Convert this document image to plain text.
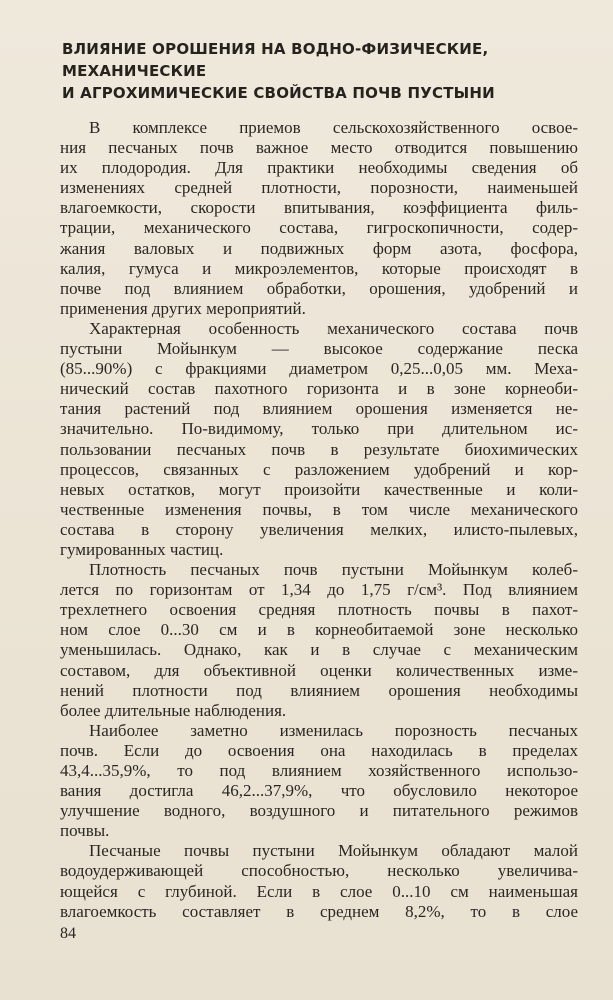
ВЛИЯНИЕ ОРОШЕНИЯ НА ВОДНО-ФИЗИЧЕСКИЕ,
МЕХАНИЧЕСКИЕ
И АГРОХИМИЧЕСКИЕ СВОЙСТВА ПОЧВ ПУСТЫНИ

В комплексе приемов сельскохозяйственного освое-
ния песчаных почв важное место отводится повышению
их плодородия. Для практики необходимы сведения об
изменениях средней плотности, порозности, наименьшей
влагоемкости, скорости впитывания, коэффициента филь-
трации, механического состава, гигроскопичности, содер-
жания валовых и подвижных форм азота, фосфора,
калия, гумуса и микроэлементов, которые происходят в
почве под влиянием обработки, орошения, удобрений и
применения других мероприятий.

Характерная особенность механического состава почв
пустыни Мойынкум — высокое содержание песка
(85...90%) с фракциями диаметром 0,25...0,05 мм. Меха-
нический состав пахотного горизонта и в зоне корнеоби-
тания растений под влиянием орошения изменяется не-
значительно. По-видимому, только при длительном ис-
пользовании песчаных почв в результате биохимических
процессов, связанных с разложением удобрений и кор-
невых остатков, могут произойти качественные и коли-
чественные изменения почвы, в том числе механического
состава в сторону увеличения мелких, илисто-пылевых,
гумированных частиц.

Плотность песчаных почв пустыни Мойынкум колеб-
лется по горизонтам от 1,34 до 1,75 г/см³. Под влиянием
трехлетнего освоения средняя плотность почвы в пахот-
ном слое 0...30 см и в корнеобитаемой зоне несколько
уменьшилась. Однако, как и в случае с механическим
составом, для объективной оценки количественных изме-
нений плотности под влиянием орошения необходимы
более длительные наблюдения.

Наиболее заметно изменилась порозность песчаных
почв. Если до освоения она находилась в пределах
43,4...35,9%, то под влиянием хозяйственного использо-
вания достигла 46,2...37,9%, что обусловило некоторое
улучшение водного, воздушного и питательного режимов
почвы.

Песчаные почвы пустыни Мойынкум обладают малой
водоудерживающей способностью, несколько увеличива-
ющейся с глубиной. Если в слое 0...10 см наименьшая
влагоемкость составляет в среднем 8,2%, то в слое

84
